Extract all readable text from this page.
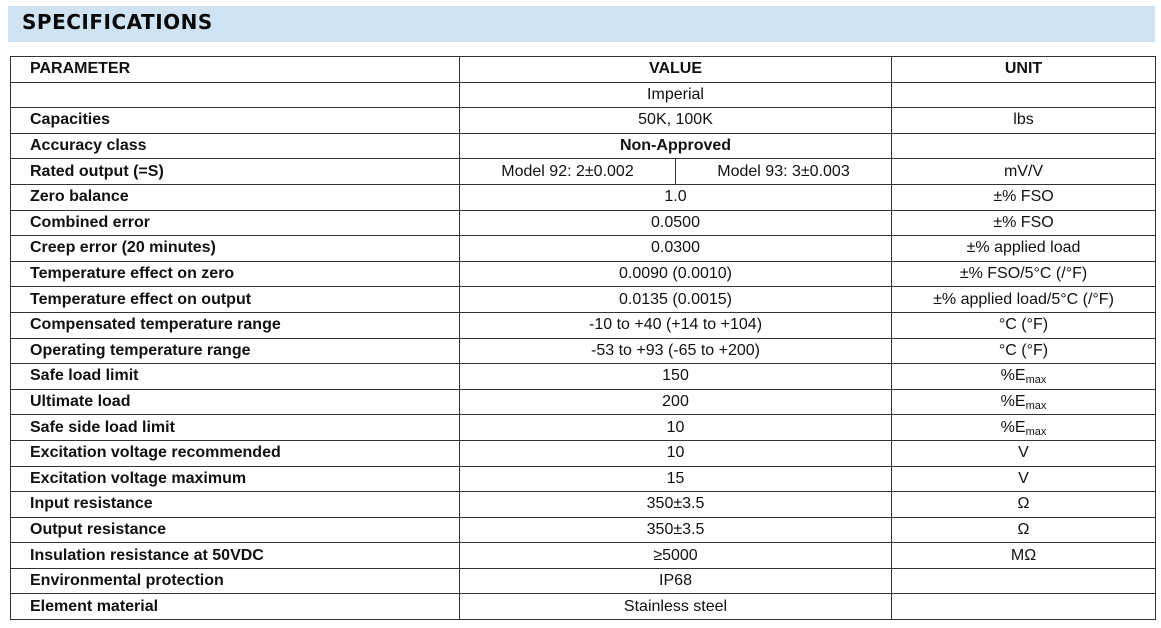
SPECIFICATIONS
PARAMETER	VALUE		UNIT
	Imperial		
Capacities	50K, 100K		lbs
Accuracy class	Non-Approved		
Rated output (=S)	Model 92: 2±0.002	Model 93: 3±0.003	mV/V
Zero balance	1.0		±% FSO
Combined error	0.0500		±% FSO
Creep error (20 minutes)	0.0300		±% applied load
Temperature effect on zero	0.0090 (0.0010)		±% FSO/5°C (/°F)
Temperature effect on output	0.0135 (0.0015)		±% applied load/5°C (/°F)
Compensated temperature range	-10 to +40 (+14 to +104)		°C (°F)
Operating temperature range	-53 to +93 (-65 to +200)		°C (°F)
Safe load limit	150		$\%E_{max}$
Ultimate load	200		$\%E_{max}$
Safe side load limit	10		$\%E_{max}$
Excitation voltage recommended	10		V
Excitation voltage maximum	15		V
Input resistance	350±3.5		Ω
Output resistance	350±3.5		Ω
Insulation resistance at 50VDC	≥5000		MΩ
Environmental protection	IP68		
Element material	Stainless steel		
